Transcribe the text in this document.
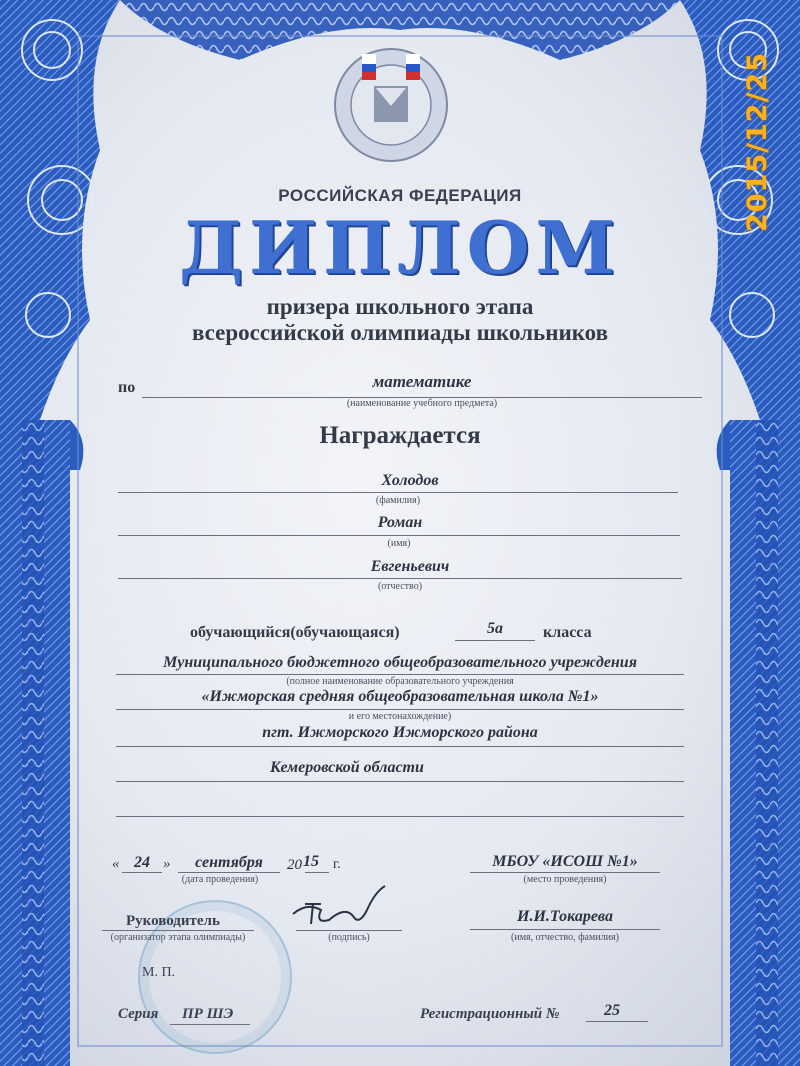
РОССИЙСКАЯ ФЕДЕРАЦИЯ
ДИПЛОМ
призера школьного этапа
всероссийской олимпиады школьников
по	математике
(наименование учебного предмета)
Награждается
Холодов
(фамилия)
Роман
(имя)
Евгеньевич
(отчество)
обучающийся(обучающаяся)	5а	класса
Муниципального бюджетного общеобразовательного учреждения
(полное наименование образовательного учреждения
«Ижморская средняя общеобразовательная школа №1»
и его местонахождение)
пгт. Ижморского Ижморского района
Кемеровской области
« 24 »	сентября	20 15 г.
(дата проведения)
МБОУ «ИСОШ №1»
(место проведения)
Руководитель
(организатор этапа олимпиады)	(подпись)
И.И.Токарева
(имя, отчество, фамилия)
М. П.
Серия ПР ШЭ	Регистрационный №	25
2015/12/25
